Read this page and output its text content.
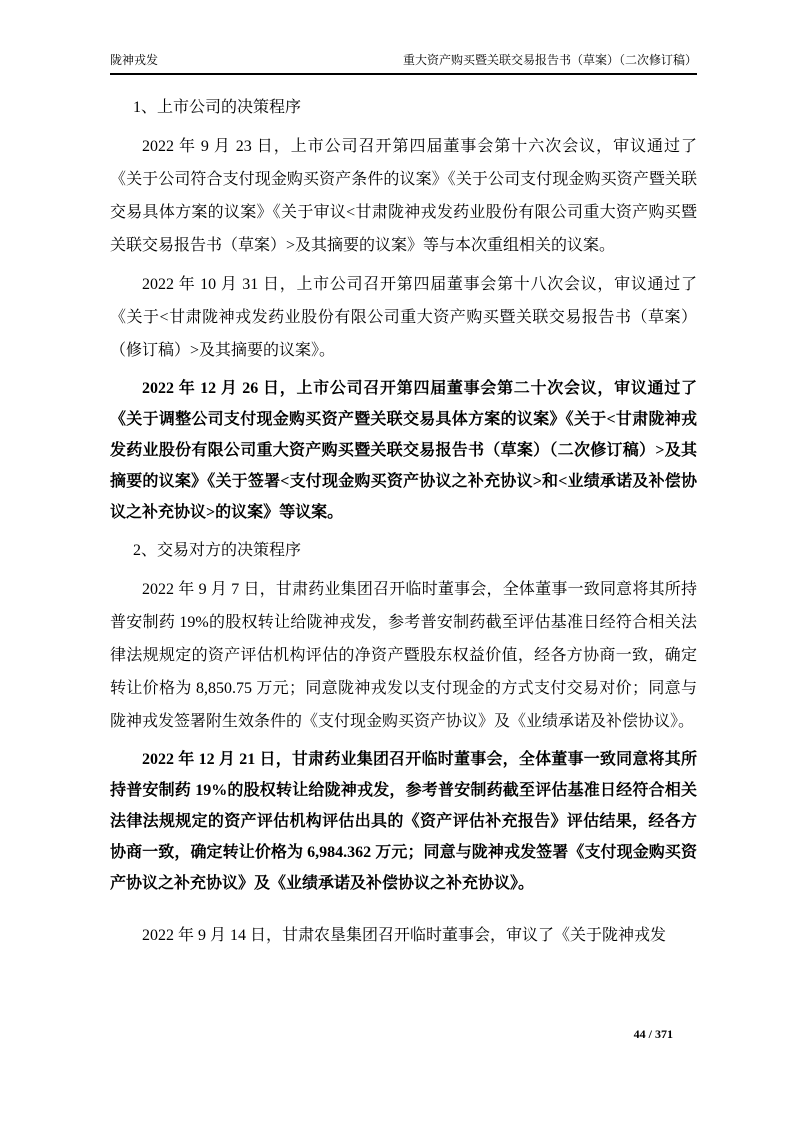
陇神戎发	重大资产购买暨关联交易报告书（草案）（二次修订稿）
1、上市公司的决策程序
2022 年 9 月 23 日，上市公司召开第四届董事会第十六次会议，审议通过了《关于公司符合支付现金购买资产条件的议案》《关于公司支付现金购买资产暨关联交易具体方案的议案》《关于审议<甘肃陇神戎发药业股份有限公司重大资产购买暨关联交易报告书（草案）>及其摘要的议案》等与本次重组相关的议案。
2022 年 10 月 31 日，上市公司召开第四届董事会第十八次会议，审议通过了《关于<甘肃陇神戎发药业股份有限公司重大资产购买暨关联交易报告书（草案）（修订稿）>及其摘要的议案》。
2022 年 12 月 26 日，上市公司召开第四届董事会第二十次会议，审议通过了《关于调整公司支付现金购买资产暨关联交易具体方案的议案》《关于<甘肃陇神戎发药业股份有限公司重大资产购买暨关联交易报告书（草案）（二次修订稿）>及其摘要的议案》《关于签署<支付现金购买资产协议之补充协议>和<业绩承诺及补偿协议之补充协议>的议案》等议案。
2、交易对方的决策程序
2022 年 9 月 7 日，甘肃药业集团召开临时董事会，全体董事一致同意将其所持普安制药 19%的股权转让给陇神戎发，参考普安制药截至评估基准日经符合相关法律法规规定的资产评估机构评估的净资产暨股东权益价值，经各方协商一致，确定转让价格为 8,850.75 万元；同意陇神戎发以支付现金的方式支付交易对价；同意与陇神戎发签署附生效条件的《支付现金购买资产协议》及《业绩承诺及补偿协议》。
2022 年 12 月 21 日，甘肃药业集团召开临时董事会，全体董事一致同意将其所持普安制药 19%的股权转让给陇神戎发，参考普安制药截至评估基准日经符合相关法律法规规定的资产评估机构评估出具的《资产评估补充报告》评估结果，经各方协商一致，确定转让价格为 6,984.362 万元；同意与陇神戎发签署《支付现金购买资产协议之补充协议》及《业绩承诺及补偿协议之补充协议》。
2022 年 9 月 14 日，甘肃农垦集团召开临时董事会，审议了《关于陇神戎发
44 / 371
